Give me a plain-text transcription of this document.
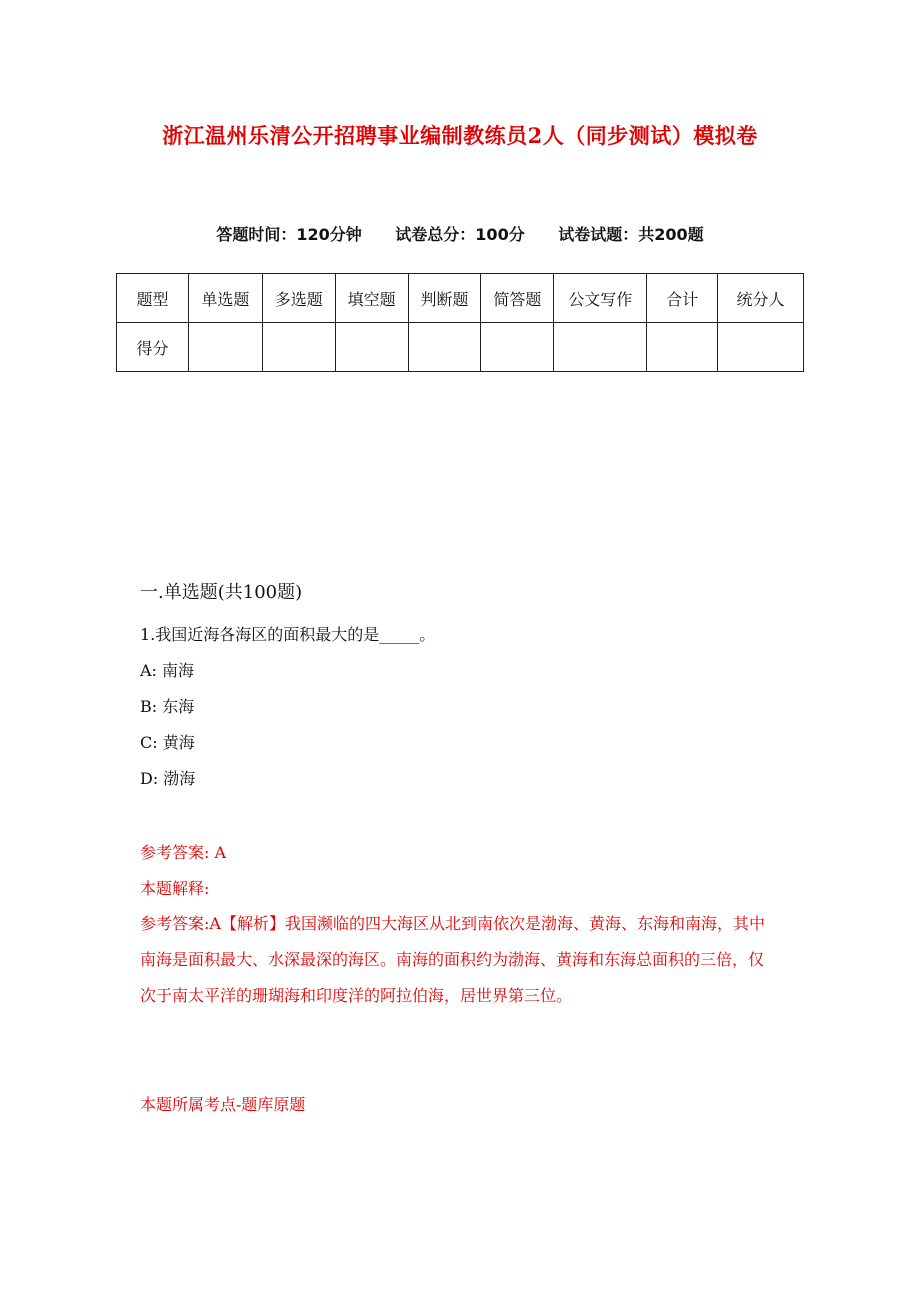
浙江温州乐清公开招聘事业编制教练员2人（同步测试）模拟卷
答题时间：120分钟 试卷总分：100分 试卷试题：共200题
题型	单选题	多选题	填空题	判断题	简答题	公文写作	合计	统分人
得分								
一.单选题(共100题)
1.我国近海各海区的面积最大的是_____。
A: 南海
B: 东海
C: 黄海
D: 渤海
参考答案: A
本题解释:
参考答案:A【解析】我国濒临的四大海区从北到南依次是渤海、黄海、东海和南海，其中南海是面积最大、水深最深的海区。南海的面积约为渤海、黄海和东海总面积的三倍，仅次于南太平洋的珊瑚海和印度洋的阿拉伯海，居世界第三位。
本题所属考点-题库原题
